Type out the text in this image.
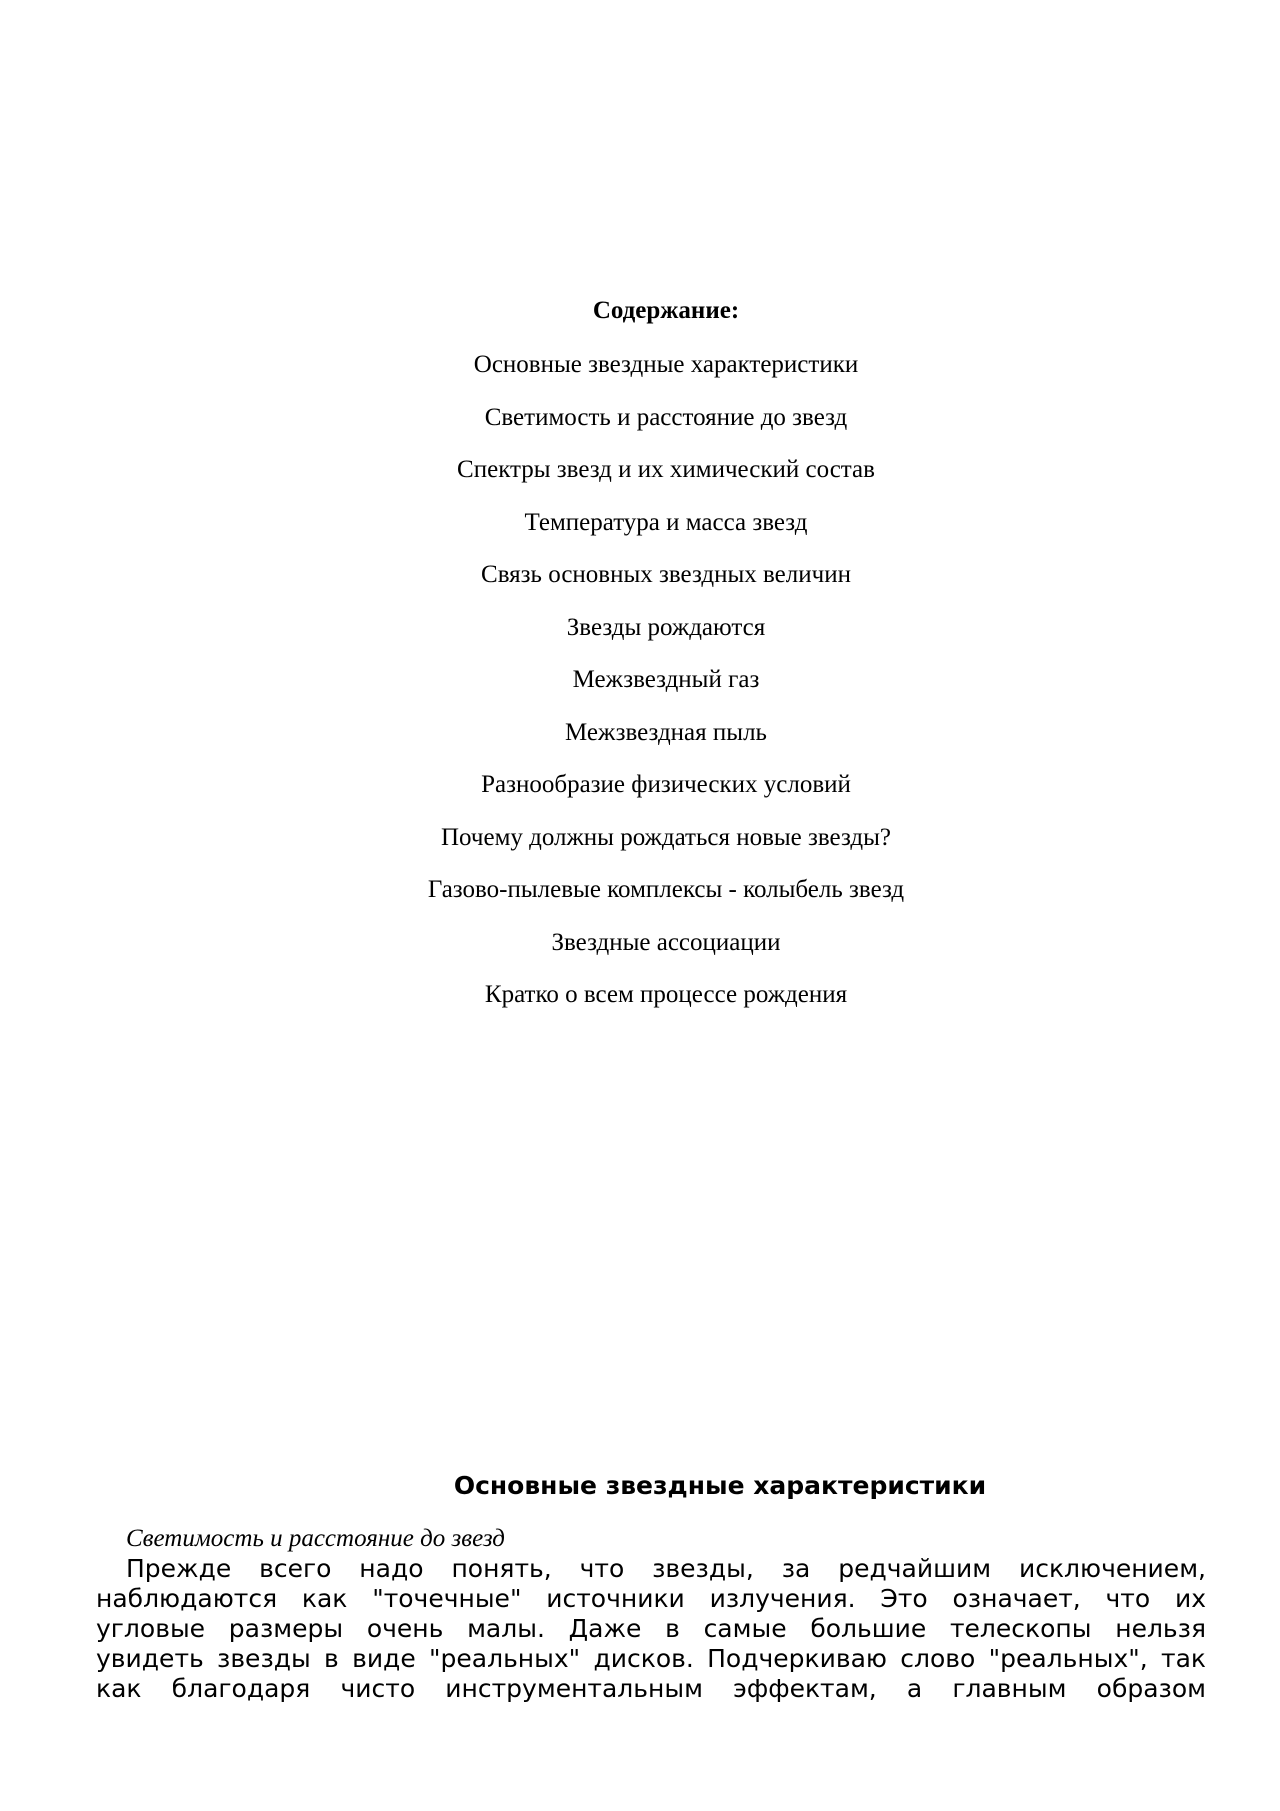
Содержание:
Основные звездные характеристики
Светимость и расстояние до звезд
Спектры звезд и их химический состав
Температура и масса звезд
Связь основных звездных величин
Звезды рождаются
Межзвездный газ
Межзвездная пыль
Разнообразие физических условий
Почему должны рождаться новые звезды?
Газово-пылевые комплексы - колыбель звезд
Звездные ассоциации
Кратко о всем процессе рождения
Основные звездные характеристики

Светимость и расстояние до звезд

Прежде всего надо понять, что звезды, за редчайшим исключением,
наблюдаются как "точечные" источники излучения. Это означает, что их
угловые размеры очень малы. Даже в самые большие телескопы нельзя
увидеть звезды в виде "реальных" дисков. Подчеркиваю слово "реальных", так
как благодаря чисто инструментальным эффектам, а главным образом
